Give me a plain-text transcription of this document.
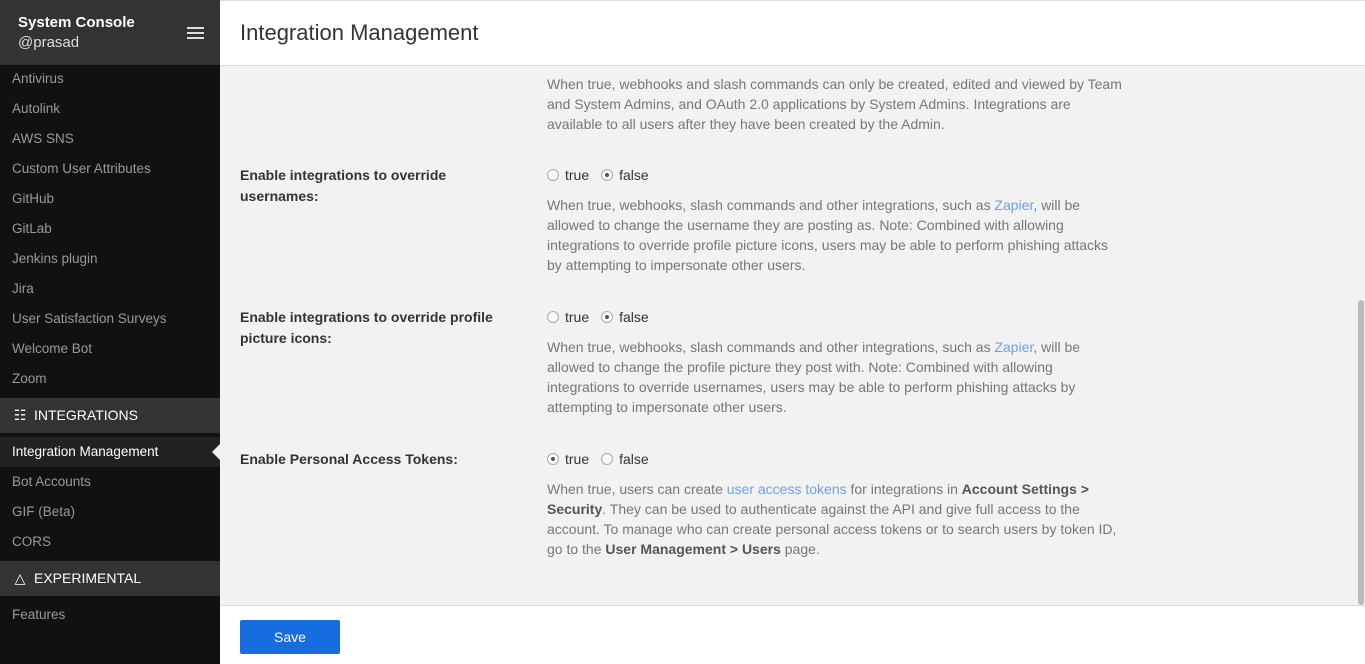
System Console
@prasad
Antivirus
Autolink
AWS SNS
Custom User Attributes
GitHub
GitLab
Jenkins plugin
Jira
User Satisfaction Surveys
Welcome Bot
Zoom
☷ INTEGRATIONS
Integration Management
Bot Accounts
GIF (Beta)
CORS
△ EXPERIMENTAL
Features
Integration Management
When true, webhooks and slash commands can only be created, edited and viewed by Team and System Admins, and OAuth 2.0 applications by System Admins. Integrations are available to all users after they have been created by the Admin.
Enable integrations to override usernames:
true false
When true, webhooks, slash commands and other integrations, such as Zapier, will be allowed to change the username they are posting as. Note: Combined with allowing integrations to override profile picture icons, users may be able to perform phishing attacks by attempting to impersonate other users.
Enable integrations to override profile picture icons:
true false
When true, webhooks, slash commands and other integrations, such as Zapier, will be allowed to change the profile picture they post with. Note: Combined with allowing integrations to override usernames, users may be able to perform phishing attacks by attempting to impersonate other users.
Enable Personal Access Tokens:	true false
When true, users can create user access tokens for integrations in Account Settings > Security. They can be used to authenticate against the API and give full access to the account. To manage who can create personal access tokens or to search users by token ID, go to the User Management > Users page.
Save
